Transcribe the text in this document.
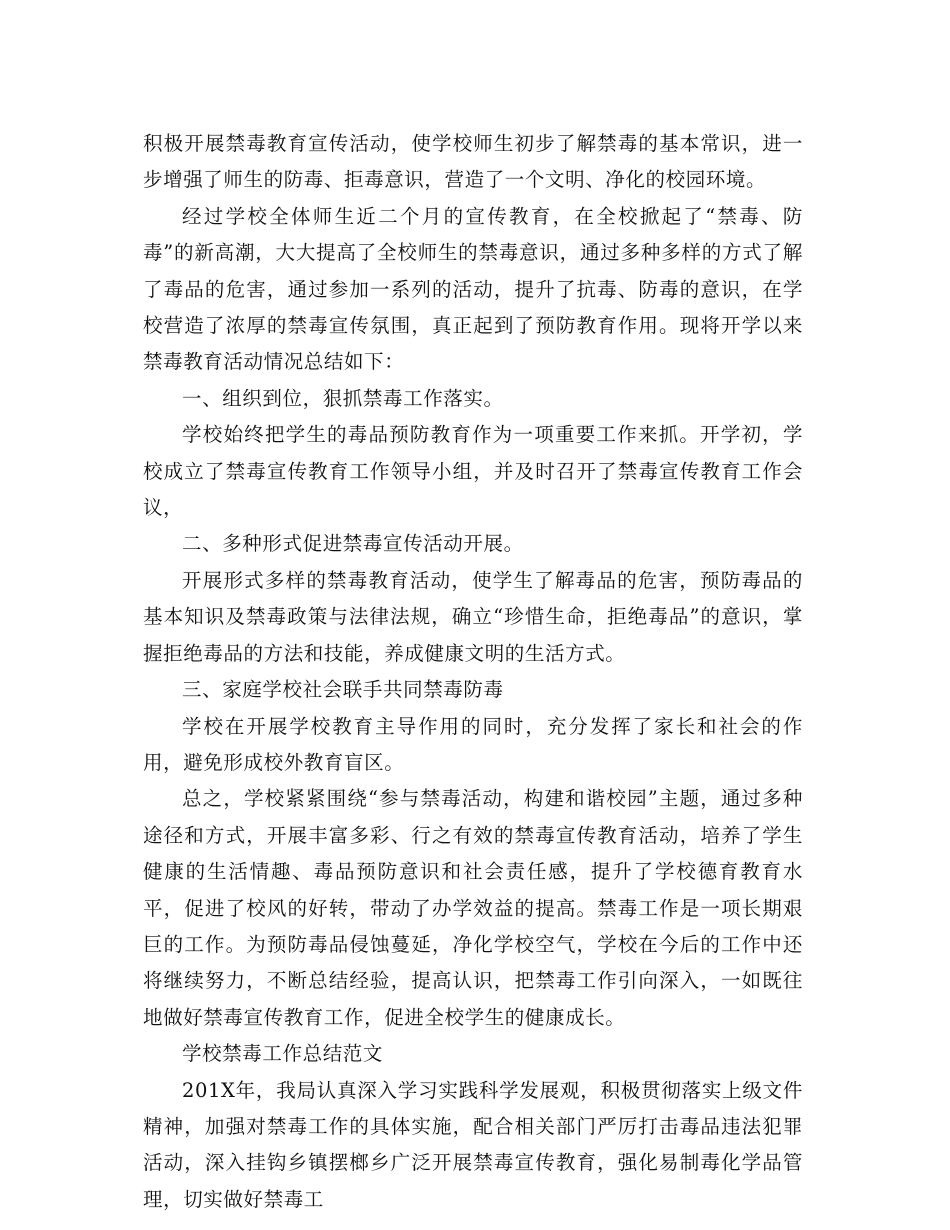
积极开展禁毒教育宣传活动，使学校师生初步了解禁毒的基本常识，进一步增强了师生的防毒、拒毒意识，营造了一个文明、净化的校园环境。

经过学校全体师生近二个月的宣传教育，在全校掀起了“禁毒、防毒”的新高潮，大大提高了全校师生的禁毒意识，通过多种多样的方式了解了毒品的危害，通过参加一系列的活动，提升了抗毒、防毒的意识，在学校营造了浓厚的禁毒宣传氛围，真正起到了预防教育作用。现将开学以来禁毒教育活动情况总结如下：

一、组织到位，狠抓禁毒工作落实。

学校始终把学生的毒品预防教育作为一项重要工作来抓。开学初，学校成立了禁毒宣传教育工作领导小组，并及时召开了禁毒宣传教育工作会议，

二、多种形式促进禁毒宣传活动开展。

开展形式多样的禁毒教育活动，使学生了解毒品的危害，预防毒品的基本知识及禁毒政策与法律法规，确立“珍惜生命，拒绝毒品”的意识，掌握拒绝毒品的方法和技能，养成健康文明的生活方式。

三、家庭学校社会联手共同禁毒防毒

学校在开展学校教育主导作用的同时，充分发挥了家长和社会的作用，避免形成校外教育盲区。

总之，学校紧紧围绕“参与禁毒活动，构建和谐校园”主题，通过多种途径和方式，开展丰富多彩、行之有效的禁毒宣传教育活动，培养了学生健康的生活情趣、毒品预防意识和社会责任感，提升了学校德育教育水平，促进了校风的好转，带动了办学效益的提高。禁毒工作是一项长期艰巨的工作。为预防毒品侵蚀蔓延，净化学校空气，学校在今后的工作中还将继续努力，不断总结经验，提高认识，把禁毒工作引向深入，一如既往地做好禁毒宣传教育工作，促进全校学生的健康成长。

学校禁毒工作总结范文

201X年，我局认真深入学习实践科学发展观，积极贯彻落实上级文件精神，加强对禁毒工作的具体实施，配合相关部门严厉打击毒品违法犯罪活动，深入挂钩乡镇摆榔乡广泛开展禁毒宣传教育，强化易制毒化学品管理，切实做好禁毒工
